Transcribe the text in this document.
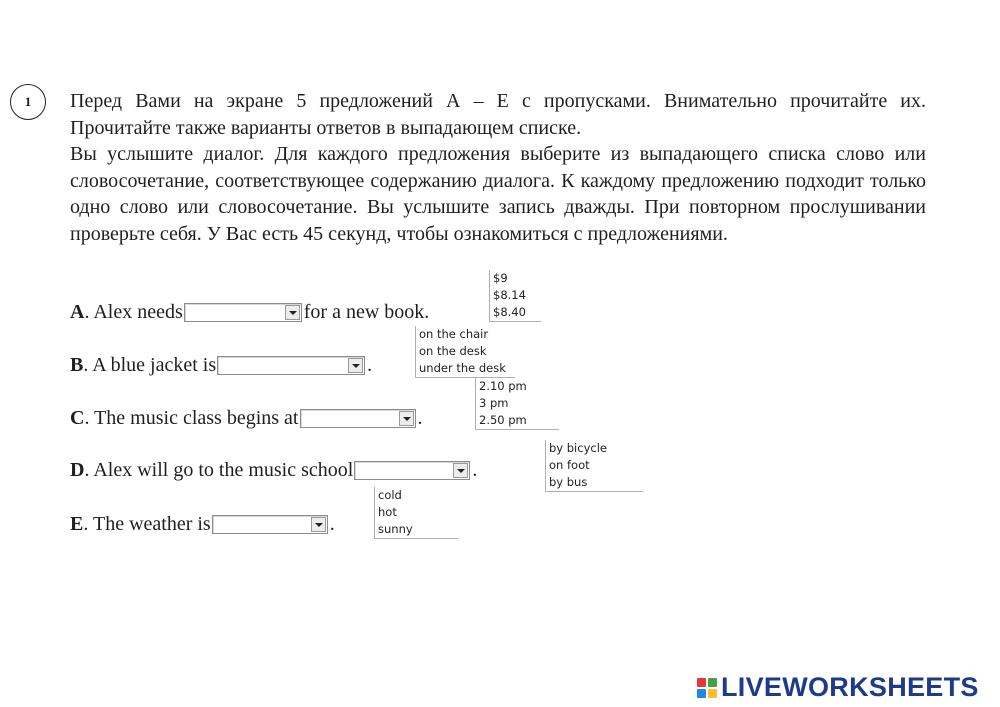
1 Перед Вами на экране 5 предложений А – Е с пропусками. Внимательно прочитайте их. Прочитайте также варианты ответов в выпадающем списке.

Вы услышите диалог. Для каждого предложения выберите из выпадающего списка слово или словосочетание, соответствующее содержанию диалога. К каждому предложению подходит только одно слово или словосочетание. Вы услышите запись дважды. При повторном прослушивании проверьте себя. У Вас есть 45 секунд, чтобы ознакомиться с предложениями.

A . Alex needs	for a new book.
$9
$8.14
$8.40
B . A blue jacket is	.
on the chair
on the desk
under the desk
C . The music class begins at	.
2.10 pm
3 pm
2.50 pm
D . Alex will go to the music school	.
by bicycle
on foot
by bus
E . The weather is	.
cold
hot
sunny
LIVEWORKSHEETS
